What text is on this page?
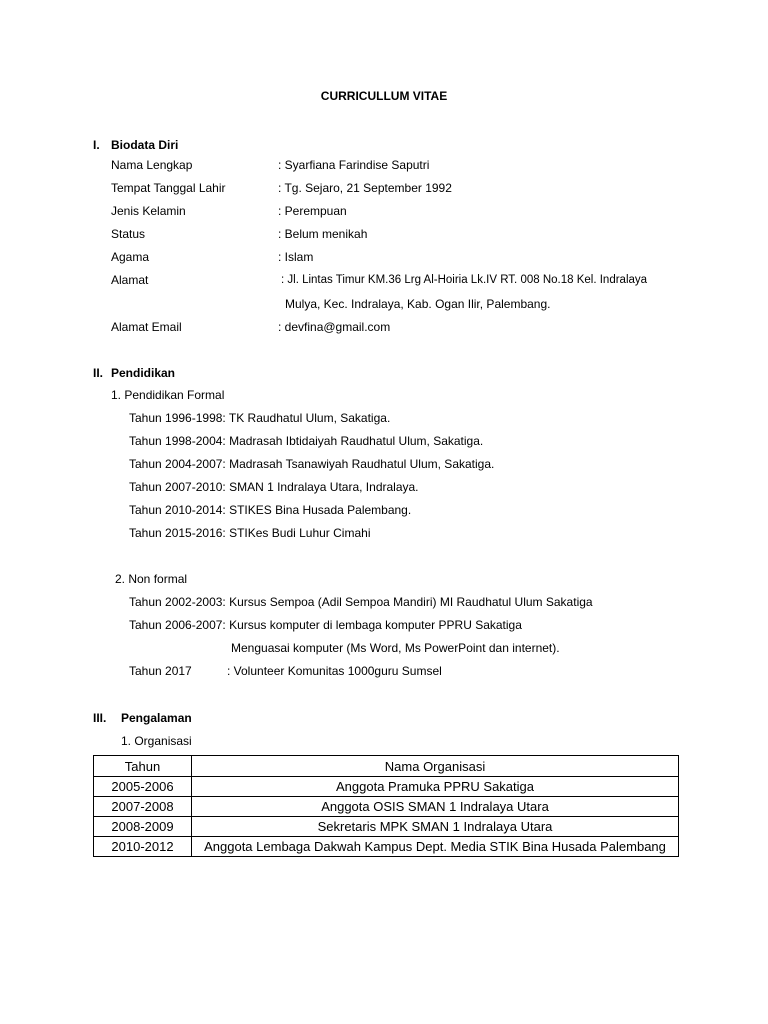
CURRICULLUM VITAE
I. Biodata Diri
Nama Lengkap	: Syarfiana Farindise Saputri
Tempat Tanggal Lahir	: Tg. Sejaro, 21 September 1992
Jenis Kelamin	: Perempuan
Status	: Belum menikah
Agama	: Islam
Alamat	: Jl. Lintas Timur KM.36 Lrg Al-Hoiria Lk.IV RT. 008 No.18 Kel. Indralaya
Mulya, Kec. Indralaya, Kab. Ogan Ilir, Palembang.
Alamat Email	: devfina@gmail.com
II. Pendidikan
1. Pendidikan Formal
Tahun 1996-1998: TK Raudhatul Ulum, Sakatiga.
Tahun 1998-2004: Madrasah Ibtidaiyah Raudhatul Ulum, Sakatiga.
Tahun 2004-2007: Madrasah Tsanawiyah Raudhatul Ulum, Sakatiga.
Tahun 2007-2010: SMAN 1 Indralaya Utara, Indralaya.
Tahun 2010-2014: STIKES Bina Husada Palembang.
Tahun 2015-2016: STIKes Budi Luhur Cimahi
2. Non formal
Tahun 2002-2003: Kursus Sempoa (Adil Sempoa Mandiri) MI Raudhatul Ulum Sakatiga
Tahun 2006-2007: Kursus komputer di lembaga komputer PPRU Sakatiga
Menguasai komputer (Ms Word, Ms PowerPoint dan internet).
Tahun 2017	: Volunteer Komunitas 1000guru Sumsel
III. Pengalaman
1. Organisasi
Tahun	Nama Organisasi
2005-2006	Anggota Pramuka PPRU Sakatiga
2007-2008	Anggota OSIS SMAN 1 Indralaya Utara
2008-2009	Sekretaris MPK SMAN 1 Indralaya Utara
2010-2012	Anggota Lembaga Dakwah Kampus Dept. Media STIK Bina Husada Palembang
